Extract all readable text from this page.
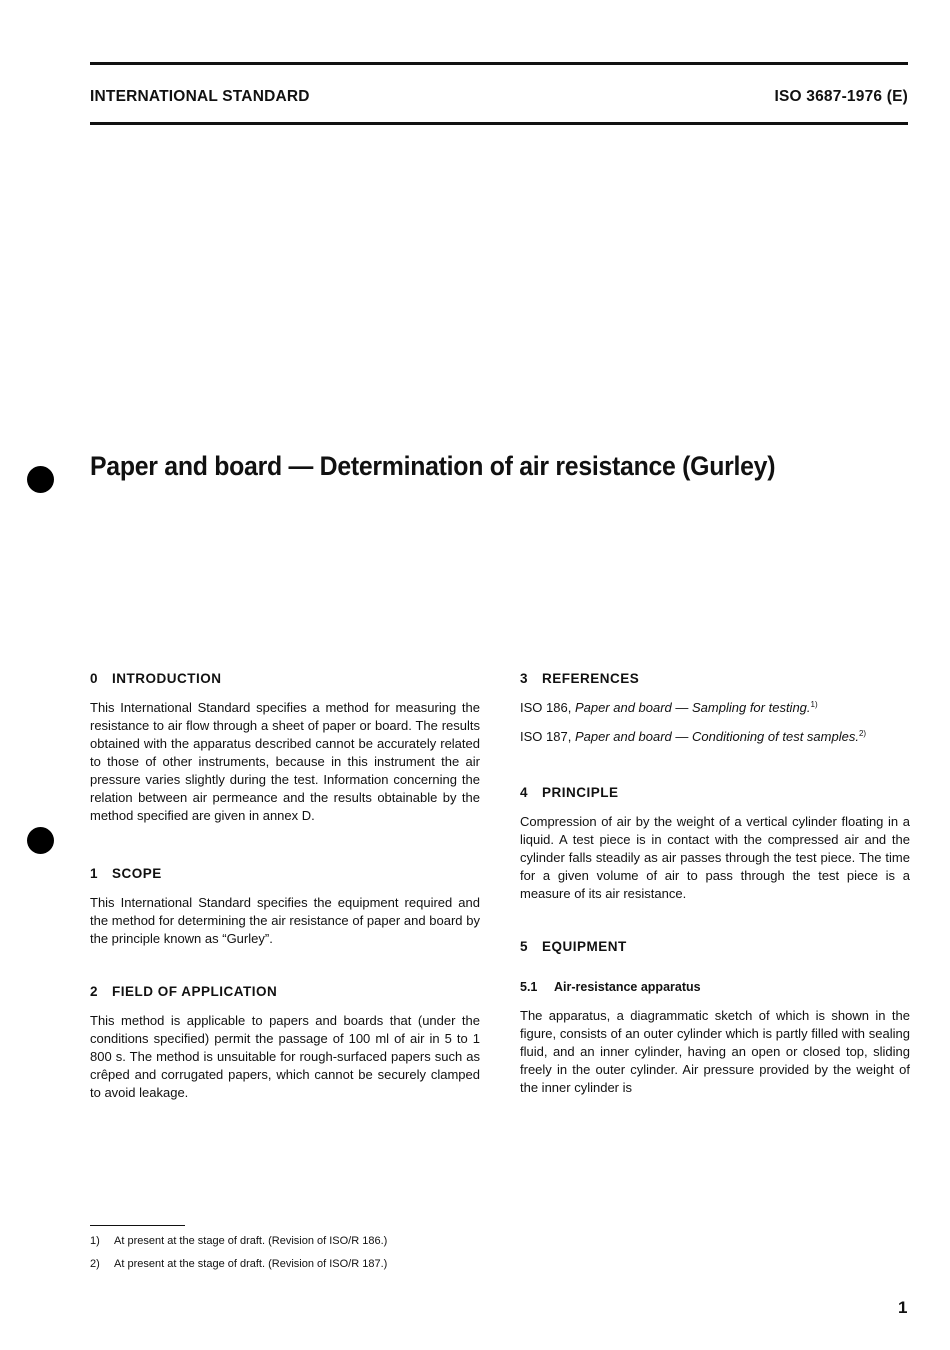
INTERNATIONAL STANDARD	ISO 3687-1976 (E)
Paper and board — Determination of air resistance (Gurley)
0 INTRODUCTION

This International Standard specifies a method for measuring the resistance to air flow through a sheet of paper or board. The results obtained with the apparatus described cannot be accurately related to those of other instruments, because in this instrument the air pressure varies slightly during the test. Information concerning the relation between air permeance and the results obtainable by the method specified are given in annex D.

1 SCOPE

This International Standard specifies the equipment required and the method for determining the air resistance of paper and board by the principle known as “Gurley”.

2 FIELD OF APPLICATION

This method is applicable to papers and boards that (under the conditions specified) permit the passage of 100 ml of air in 5 to 1 800 s. The method is unsuitable for rough-surfaced papers such as crêped and corrugated papers, which cannot be securely clamped to avoid leakage.

3 REFERENCES

ISO 186, Paper and board — Sampling for testing.$^{1)}$

ISO 187, Paper and board — Conditioning of test samples.$^{2)}$

4 PRINCIPLE

Compression of air by the weight of a vertical cylinder floating in a liquid. A test piece is in contact with the compressed air and the cylinder falls steadily as air passes through the test piece. The time for a given volume of air to pass through the test piece is a measure of its air resistance.

5 EQUIPMENT
5.1 Air-resistance apparatus

The apparatus, a diagrammatic sketch of which is shown in the figure, consists of an outer cylinder which is partly filled with sealing fluid, and an inner cylinder, having an open or closed top, sliding freely in the outer cylinder. Air pressure provided by the weight of the inner cylinder is

1) At present at the stage of draft. (Revision of ISO/R 186.)
2) At present at the stage of draft. (Revision of ISO/R 187.)
1
